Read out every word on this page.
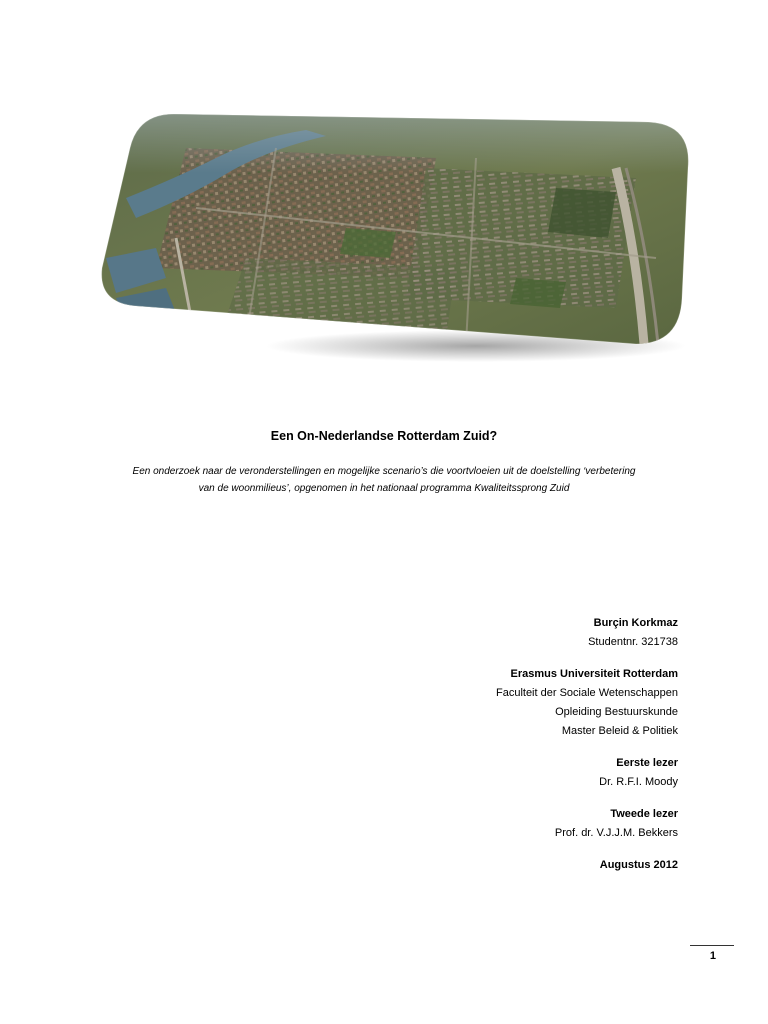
Een On-Nederlandse Rotterdam Zuid?
Een onderzoek naar de veronderstellingen en mogelijke scenario’s die voortvloeien uit de doelstelling ‘verbetering
van de woonmilieus’, opgenomen in het nationaal programma Kwaliteitssprong Zuid
Burçin Korkmaz
Studentnr. 321738
Erasmus Universiteit Rotterdam
Faculteit der Sociale Wetenschappen
Opleiding Bestuurskunde
Master Beleid & Politiek
Eerste lezer
Dr. R.F.I. Moody
Tweede lezer
Prof. dr. V.J.J.M. Bekkers
Augustus 2012
1
